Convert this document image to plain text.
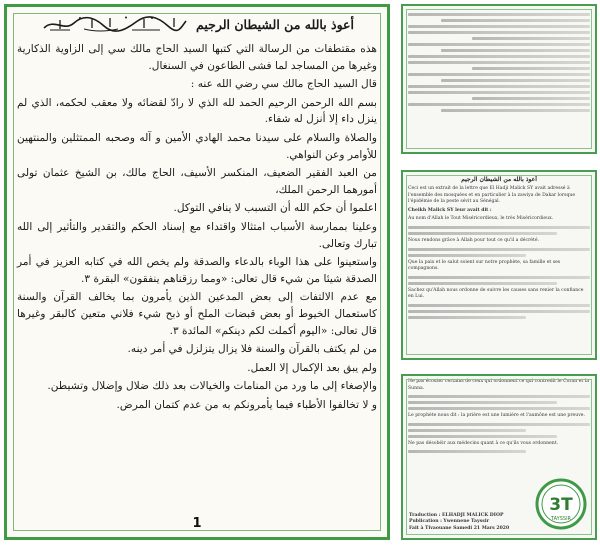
أعوذ بالله من الشيطان الرجيم

هذه مقتطفات من الرسالة التي كتبها السيد الحاج مالك سي إلى الزاوية الذكارية وغيرها من المساجد لما فشى الطاعون في السنغال.

قال السيد الحاج مالك سي رضي الله عنه :

بسم الله الرحمن الرحيم الحمد لله الذي لا رادّ لقضائه ولا معقب لحكمه، الذي لم ينزل داء إلا أنزل له شفاء.

والصلاة والسلام على سيدنا محمد الهادي الأمين و آله وصحبه الممتثلين والمنتهين للأوامر وعن النواهي.

من العبد الفقير الضعيف، المنكسر الأسيف، الحاج مالك، بن الشيخ عثمان تولى أمورهما الرحمن الملك،

اعلموا أن حكم الله أن التسبب لا ينافي التوكل.

وعلينا بممارسة الأسباب امتثالا واقتداء مع إسناد الحكم والتقدير والتأثير إلى الله تبارك وتعالى.

واستعينوا على هذا الوباء بالدعاء والصدقة ولم يخص الله في كتابه العزيز في أمر الصدقة شيئا من شيء قال تعالى: «ومما رزقناهم ينفقون» البقرة ٣.

مع عدم الالتفات إلى بعض المدعين الذين يأمرون بما يخالف القرآن والسنة كاستعمال الخيوط أو بعض قبضات الملح أو ذبح شيء فلاني متعين كالبقر وغيرها قال تعالى: «اليوم أكملت لكم دينكم» المائدة ٣.

من لم يكتف بالقرآن والسنة فلا يزال يتزلزل في أمر دينه.

ولم يبق بعد الإكمال إلا العمل.

والإصغاء إلى ما ورد من المنامات والخيالات بعد ذلك ضلال وإضلال وتشيطن.

و لا تخالفوا الأطباء فيما يأمرونكم به من عدم كتمان المرض.

1
أعوذ بالله من الشيطان الرجيم
Ceci est un extrait de la lettre que El Hadji Malick SY avait adressé à l'ensemble des mosquées et en particulier à la zawiya de Dakar lorsque l'épidémie de la peste sévit au Sénégal.
Cheikh Malick SY leur avait dit :
Au nom d'Allah le Tout Miséricordieux, le très Miséricordieux.
Nous rendons grâce à Allah pour tout ce qu'il a décrété.
Que la paix et le salut soient sur notre prophète, sa famille et ses compagnons.
Sachez qu'Allah nous ordonne de suivre les causes sans renier la confiance en Lui.
Ne pas écouter certains de ceux qui ordonnent ce qui contredit le Coran et la Sunna.
Le prophète nous dit : la prière est une lumière et l'aumône est une preuve.
Ne pas désobéir aux médecins quant à ce qu'ils vous ordonnent.
Traduction : ELHADJI MALICK DIOP
Publication : Ywennene Tayssir
Fait à Tivaouane Samedi 21 Mars 2020
3T
TAYSSIR
